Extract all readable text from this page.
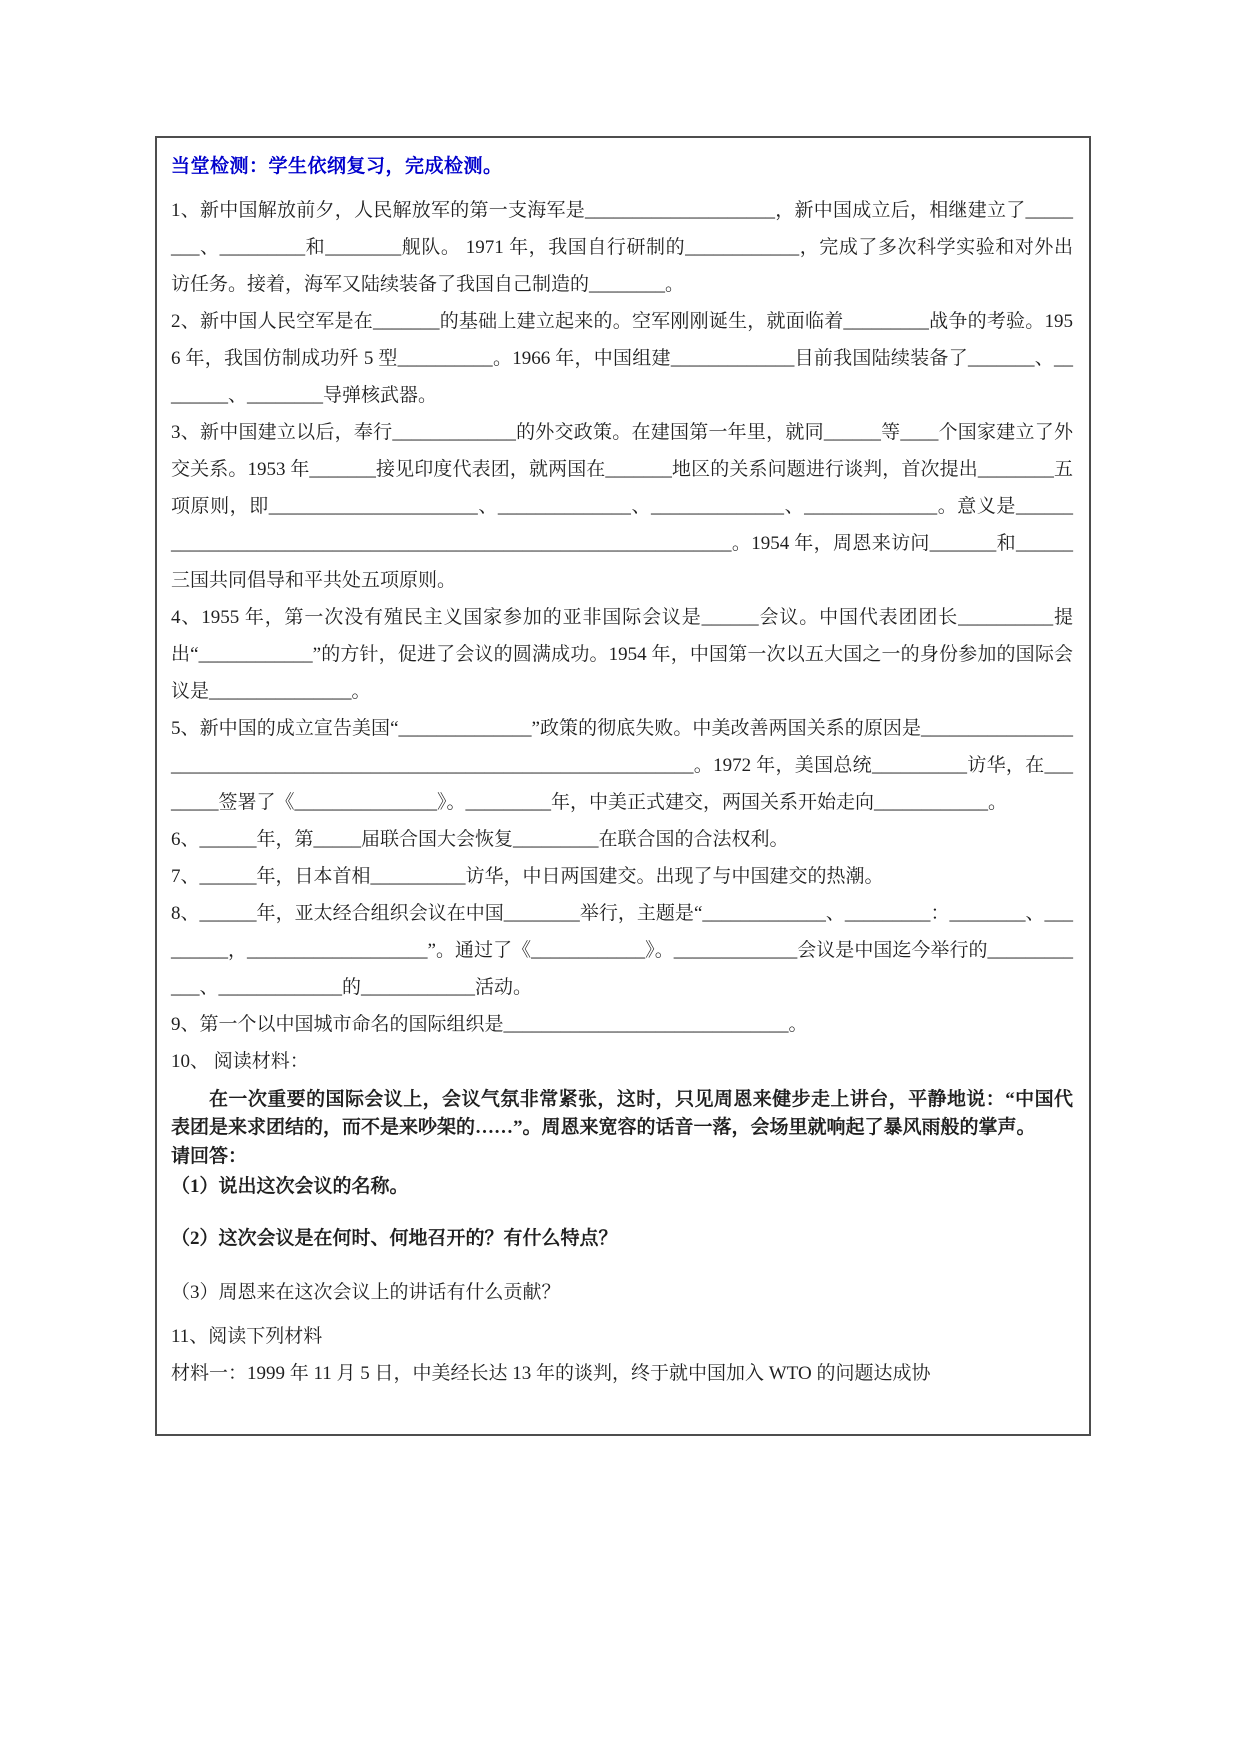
当堂检测：学生依纲复习，完成检测。

1、新中国解放前夕，人民解放军的第一支海军是____________________，新中国成立后，相继建立了________、_________和________舰队。 1971 年，我国自行研制的____________，完成了多次科学实验和对外出访任务。接着，海军又陆续装备了我国自己制造的________。

2、新中国人民空军是在_______的基础上建立起来的。空军刚刚诞生，就面临着_________战争的考验。1956 年，我国仿制成功歼 5 型__________。1966 年，中国组建_____________目前我国陆续装备了_______、________、________导弹核武器。

3、新中国建立以后，奉行_____________的外交政策。在建国第一年里，就同______等____个国家建立了外交关系。1953 年_______接见印度代表团，就两国在_______地区的关系问题进行谈判，首次提出________五项原则，即______________________、______________、______________、______________。意义是_________________________________________________________________。1954 年，周恩来访问_______和______三国共同倡导和平共处五项原则。

4、1955 年，第一次没有殖民主义国家参加的亚非国际会议是______会议。中国代表团团长__________提出“____________”的方针，促进了会议的圆满成功。1954 年，中国第一次以五大国之一的身份参加的国际会议是_______________。

5、新中国的成立宣告美国“______________”政策的彻底失败。中美改善两国关系的原因是_______________________________________________________________________。1972 年，美国总统__________访华，在________签署了《_______________》。_________年，中美正式建交，两国关系开始走向____________。

6、______年，第_____届联合国大会恢复_________在联合国的合法权利。

7、______年，日本首相__________访华，中日两国建交。出现了与中国建交的热潮。

8、______年，亚太经合组织会议在中国________举行，主题是“_____________、_________：________、_________，___________________”。通过了《____________》。_____________会议是中国迄今举行的____________、_____________的____________活动。

9、第一个以中国城市命名的国际组织是______________________________。

10、 阅读材料：

在一次重要的国际会议上，会议气氛非常紧张，这时，只见周恩来健步走上讲台，平静地说：“中国代表团是来求团结的，而不是来吵架的……”。周恩来宽容的话音一落，会场里就响起了暴风雨般的掌声。

请回答：

（1）说出这次会议的名称。

（2）这次会议是在何时、何地召开的？有什么特点？

（3）周恩来在这次会议上的讲话有什么贡献？

11、阅读下列材料

材料一：1999 年 11 月 5 日，中美经长达 13 年的谈判，终于就中国加入 WTO 的问题达成协
